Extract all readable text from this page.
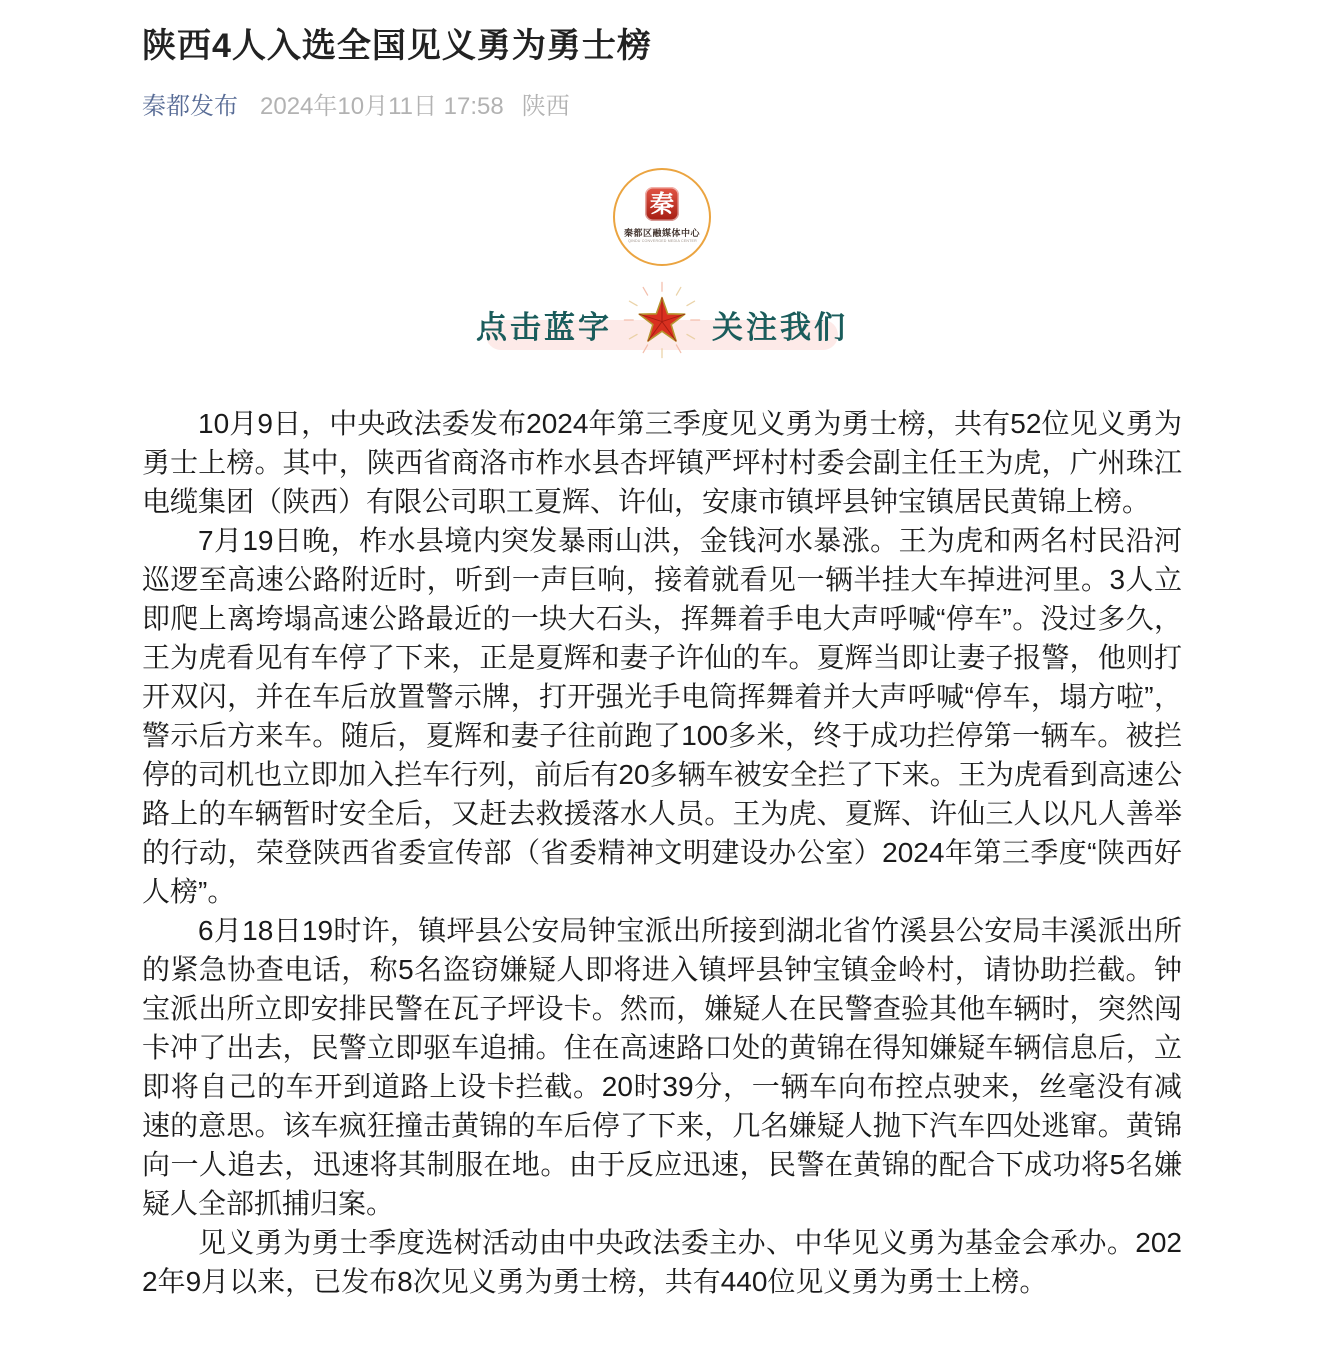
陕西4人入选全国见义勇为勇士榜
秦都发布 2024年10月11日 17:58 陕西
秦
秦都区融媒体中心
QINDU CONVERGED MEDIA CENTER
点击蓝字	关注我们

10月9日，中央政法委发布2024年第三季度见义勇为勇士榜，共有52位见义勇为勇士上榜。其中，陕西省商洛市柞水县杏坪镇严坪村村委会副主任王为虎，广州珠江电缆集团（陕西）有限公司职工夏辉、许仙，安康市镇坪县钟宝镇居民黄锦上榜。

7月19日晚，柞水县境内突发暴雨山洪，金钱河水暴涨。王为虎和两名村民沿河巡逻至高速公路附近时，听到一声巨响，接着就看见一辆半挂大车掉进河里。3人立即爬上离垮塌高速公路最近的一块大石头，挥舞着手电大声呼喊“停车”。没过多久，王为虎看见有车停了下来，正是夏辉和妻子许仙的车。夏辉当即让妻子报警，他则打开双闪，并在车后放置警示牌，打开强光手电筒挥舞着并大声呼喊“停车，塌方啦”，警示后方来车。随后，夏辉和妻子往前跑了100多米，终于成功拦停第一辆车。被拦停的司机也立即加入拦车行列，前后有20多辆车被安全拦了下来。王为虎看到高速公路上的车辆暂时安全后，又赶去救援落水人员。王为虎、夏辉、许仙三人以凡人善举的行动，荣登陕西省委宣传部（省委精神文明建设办公室）2024年第三季度“陕西好人榜”。

6月18日19时许，镇坪县公安局钟宝派出所接到湖北省竹溪县公安局丰溪派出所的紧急协查电话，称5名盗窃嫌疑人即将进入镇坪县钟宝镇金岭村，请协助拦截。钟宝派出所立即安排民警在瓦子坪设卡。然而，嫌疑人在民警查验其他车辆时，突然闯卡冲了出去，民警立即驱车追捕。住在高速路口处的黄锦在得知嫌疑车辆信息后，立即将自己的车开到道路上设卡拦截。20时39分，一辆车向布控点驶来，丝毫没有减速的意思。该车疯狂撞击黄锦的车后停了下来，几名嫌疑人抛下汽车四处逃窜。黄锦向一人追去，迅速将其制服在地。由于反应迅速，民警在黄锦的配合下成功将5名嫌疑人全部抓捕归案。

见义勇为勇士季度选树活动由中央政法委主办、中华见义勇为基金会承办。2022年9月以来，已发布8次见义勇为勇士榜，共有440位见义勇为勇士上榜。
